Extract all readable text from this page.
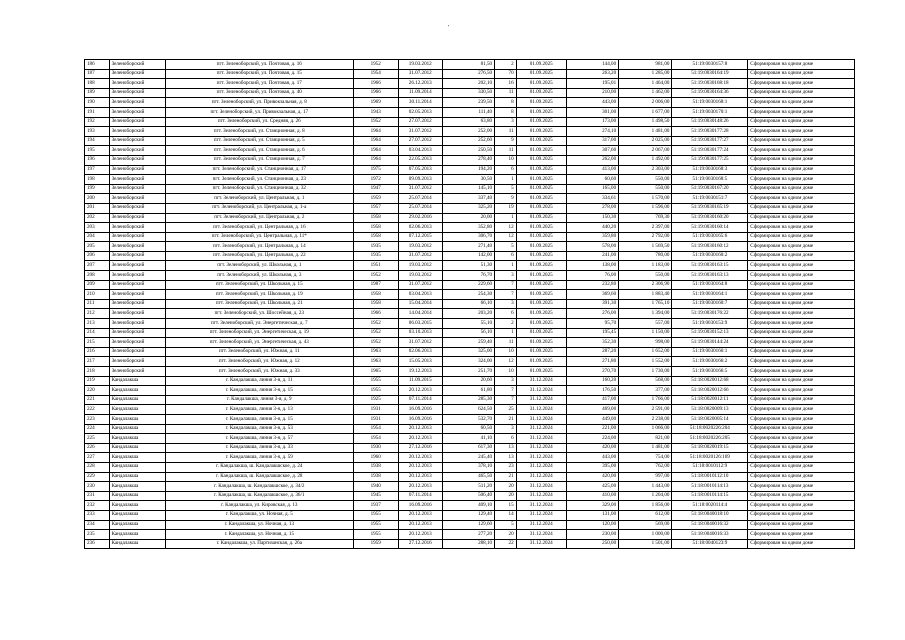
'
186	Зеленоборский	пгт. Зеленоборский, ул. Почтовая, д. 16	1952	19.03.2012	81,50	2	01.09.2025	144,00	981,00	51:19:0030157:8	Сформирован на одном доме
187	Зеленоборский	пгт. Зеленоборский, ул. Почтовая, д. 15	1954	31.07.2012	276,50	70	01.09.2025	263,20	1 285,00	51:19:0030164:19	Сформирован на одном доме
188	Зеленоборский	пгт. Зеленоборский, ул. Почтовая, д. 17	1966	26.12.2013	202,10	16	01.09.2025	195,01	1 464,00	51:19:0030168:18	Сформирован на одном доме
189	Зеленоборский	пгт. Зеленоборский, ул. Почтовая, д. 40	1966	11.09.2014	330,50	11	01.09.2025	210,00	1 462,00	51:19:0030164:36	Сформирован на одном доме
190	Зеленоборский	пгт. Зеленоборский, ул. Привокзальная, д. 8	1969	30.11.2014	239,50	8	01.09.2025	443,00	2 006,00	51:19:0030168:1	Сформирован на одном доме
191	Зеленоборский	пгт. Зеленоборский, ул. Привокзальная, д. 17	1943	02.05.2013	111,40	8	01.09.2025	301,00	1 677,00	51:19:0030170:1	Сформирован на одном доме
192	Зеленоборский	пгт. Зеленоборский, ул. Средняя, д. 26	1952	27.07.2012	63,80	3	01.09.2025	173,00	1 498,50	51:19:0030148:26	Сформирован на одном доме
193	Зеленоборский	пгт. Зеленоборский, ул. Станционная, д. 8	1964	31.07.2012	252,00	11	01.09.2025	274,10	1 481,00	51:19:0030177:28	Сформирован на одном доме
194	Зеленоборский	пгт. Зеленоборский, ул. Станционная, д. 5	1964	27.07.2012	252,60	9	01.09.2025	317,00	2 025,00	51:19:0030177:27	Сформирован на одном доме
195	Зеленоборский	пгт. Зеленоборский, ул. Станционная, д. 6	1964	03.04.2013	250,50	11	01.09.2025	307,60	2 067,00	51:19:0030177:24	Сформирован на одном доме
196	Зеленоборский	пгт. Зеленоборский, ул. Станционная, д. 7	1964	22.05.2013	278,40	10	01.09.2025	262,00	1 492,00	51:19:0030177:25	Сформирован на одном доме
197	Зеленоборский	пгт. Зеленоборский, ул. Станционная, д. 17	1975	07.05.2013	194,20	6	01.09.2025	413,00	2 303,00	51:19:0030168:3	Сформирован на одном доме
198	Зеленоборский	пгт. Зеленоборский, ул. Станционная, д. 23	1972	09.09.2013	30,50	1	01.09.2025	60,60	550,00	51:19:0030168:5	Сформирован на одном доме
199	Зеленоборский	пгт. Зеленоборский, ул. Станционная, д. 32	1947	31.07.2012	145,10	5	01.09.2025	165,00	550,00	51:19:0030167:20	Сформирован на одном доме
200	Зеленоборский	пгт. Зеленоборский, ул. Центральная, д. 1	1959	25.07.2014	337,40	9	01.09.2025	334,61	1 570,00	51:19:0030151:7	Сформирован на одном доме
201	Зеленоборский	пгт. Зеленоборский, ул. Центральная, д. 1-а	1957	25.07.2014	325,20	19	01.09.2025	278,00	1 596,00	51:19:0030165:19	Сформирован на одном доме
202	Зеленоборский	пгт. Зеленоборский, ул. Центральная, д. 2	1958	29.02.2016	20,00	1	01.09.2025	150,30	769,30	51:19:0030160:20	Сформирован на одном доме
203	Зеленоборский	пгт. Зеленоборский, ул. Центральная, д. 16	1958	02.06.2013	352,80	12	01.09.2025	440,20	2 397,00	51:19:0030160:14	Сформирован на одном доме
204	Зеленоборский	пгт. Зеленоборский, ул. Центральная, д. 11*	1958	07.12.2015	306,70	12	01.09.2025	359,80	2 792,00	51:19:0030165:6	Сформирован на одном доме
205	Зеленоборский	пгт. Зеленоборский, ул. Центральная, д. 14	1935	19.03.2012	271,40	5	01.09.2025	578,00	1 569,50	51:19:0030160:12	Сформирован на одном доме
206	Зеленоборский	пгт. Зеленоборский, ул. Центральная, д. 22	1935	31.07.2012	142,00	6	01.09.2025	241,00	780,00	51:19:0030160:2	Сформирован на одном доме
207	Зеленоборский	пгт. Зеленоборский, ул. Школьная, д. 1	1951	19.03.2012	51,30	1	01.09.2025	138,00	1 183,00	51:19:0030163:15	Сформирован на одном доме
208	Зеленоборский	пгт. Зеленоборский, ул. Школьная, д. 3	1952	19.03.2012	76,70	3	01.09.2025	76,00	550,00	51:19:0030163:13	Сформирован на одном доме
209	Зеленоборский	пгт. Зеленоборский, ул. Школьная, д. 15	1987	31.07.2012	229,60	7	01.09.2025	232,80	2 306,90	51:19:0030164:8	Сформирован на одном доме
210	Зеленоборский	пгт. Зеленоборский, ул. Школьная, д. 19	1958	03.04.2013	254,30	7	01.09.2025	369,60	1 883,40	51:19:0030164:1	Сформирован на одном доме
211	Зеленоборский	пгт. Зеленоборский, ул. Школьная, д. 21	1958	15.04.2014	66,10	3	01.09.2025	391,30	1 765,10	51:19:0030160:7	Сформирован на одном доме
212	Зеленоборский	пгт. Зеленоборский, ул. Шоссейная, д. 23	1966	14.04.2014	203,20	6	01.09.2025	276,00	1 394,00	51:19:0030176:22	Сформирован на одном доме
213	Зеленоборский	пгт. Зеленоборский, ул. Энергетическая, д. 7	1952	06.03.2015	55,10	2	01.09.2025	95,70	557,00	51:19:0030153:9	Сформирован на одном доме
214	Зеленоборский	пгт. Зеленоборский, ул. Энергетическая, д. 19	1952	03.10.2013	56,10	1	01.09.2025	195,45	1 150,00	51:19:0030152:13	Сформирован на одном доме
215	Зеленоборский	пгт. Зеленоборский, ул. Энергетическая, д. 43	1952	31.07.2012	259,40	11	01.09.2025	352,30	998,00	51:19:0030144:24	Сформирован на одном доме
216	Зеленоборский	пгт. Зеленоборский, ул. Южная, д. 11	1963	02.06.2013	325,00	10	01.09.2025	287,20	1 652,00	51:19:0030166:1	Сформирован на одном доме
217	Зеленоборский	пгт. Зеленоборский, ул. Южная, д. 12	1963	15.05.2013	324,00	12	01.09.2025	271,80	1 552,00	51:19:0030166:2	Сформирован на одном доме
218	Зеленоборский	пгт. Зеленоборский, ул. Южная, д. 33	1965	19.12.2013	251,70	10	01.09.2025	270,70	1 730,00	51:19:0030166:5	Сформирован на одном доме
219	Кандалакша	г. Кандалакша, линия 3-я, д. 11	1955	11.09.2015	20,60	3	31.12.2024	160,20	568,00	51:18:0020012:68	Сформирован на одном доме
220	Кандалакша	г. Кандалакша, линия 3-я, д. 15	1955	20.12.2013	61,80	7	31.12.2024	176,50	377,00	51:18:0020012:66	Сформирован на одном доме
221	Кандалакша	г. Кандалакша, линия 3-я, д. 9	1925	07.11.2014	285,30	7	31.12.2024	417,00	1 766,00	51:18:0020012:11	Сформирован на одном доме
222	Кандалакша	г. Кандалакша, линия 3-я, д. 13	1931	16.09.2016	624,50	25	31.12.2024	469,00	2 591,00	51:18:0020009:13	Сформирован на одном доме
223	Кандалакша	г. Кандалакша, линия 3-я, д. 15	1931	16.09.2016	532,70	21	31.12.2024	449,00	2 238,00	51:18:0020005:14	Сформирован на одном доме
224	Кандалакша	г. Кандалакша, линия 3-я, д. 53	1954	20.12.2013	60,50	3	31.12.2024	221,00	1 066,00	51:18:0020226:204	Сформирован на одном доме
225	Кандалакша	г. Кандалакша, линия 3-я, д. 57	1954	20.12.2013	41,10	6	31.12.2024	224,00	821,00	51:18:0020226:205	Сформирован на одном доме
226	Кандалакша	г. Кандалакша, линия 3-я, д. 33	1930	27.12.2016	617,30	13	31.12.2024	420,00	1 481,00	51:18:0020019:15	Сформирован на одном доме
227	Кандалакша	г. Кандалакша, линия 3-я, д. 59	1960	20.12.2013	245,40	13	31.12.2024	443,00	754,00	51:18:0020126:169	Сформирован на одном доме
228	Кандалакша	г. Кандалакша, ш. Кандалакшское, д. 24	1938	20.12.2013	378,10	23	31.12.2024	395,00	762,00	51:18:0010112:9	Сформирован на одном доме
229	Кандалакша	г. Кандалакша, ш. Кандалакшское, д. 28	1938	20.12.2013	465,50	21	31.12.2024	420,00	997,00	51:18:0010112:10	Сформирован на одном доме
230	Кандалакша	г. Кандалакша, ш. Кандалакшское, д. 34/2	1940	20.12.2013	511,20	20	31.12.2024	425,00	1 443,00	51:18:0010114:13	Сформирован на одном доме
231	Кандалакша	г. Кандалакша, ш. Кандалакшское, д. 36/1	1945	07.11.2014	506,40	20	31.12.2024	410,00	1 204,00	51:18:0010114:15	Сформирован на одном доме
232	Кандалакша	г. Кандалакша, ул. Кировская, д. 13	1937	16.09.2016	409,10	15	31.12.2024	329,00	1 856,00	51:18:0020114:4	Сформирован на одном доме
233	Кандалакша	г. Кандалакша, ул. Ночная, д. 5	1955	20.12.2013	129,40	14	31.12.2024	131,00	612,00	51:18:0040018:10	Сформирован на одном доме
234	Кандалакша	г. Кандалакша, ул. Ночная, д. 13	1955	20.12.2013	129,60	5	31.12.2024	120,00	569,00	51:18:0040016:32	Сформирован на одном доме
235	Кандалакша	г. Кандалакша, ул. Ночная, д. 15	1955	20.12.2013	277,20	20	31.12.2024	230,00	1 000,00	51:18:0040016:33	Сформирован на одном доме
236	Кандалакша	г. Кандалакша, ул. Партизанская, д. 26а	1959	27.12.2016	288,10	22	31.12.2024	250,00	1 501,00	51:18:0040123:9	Сформирован на одном доме
